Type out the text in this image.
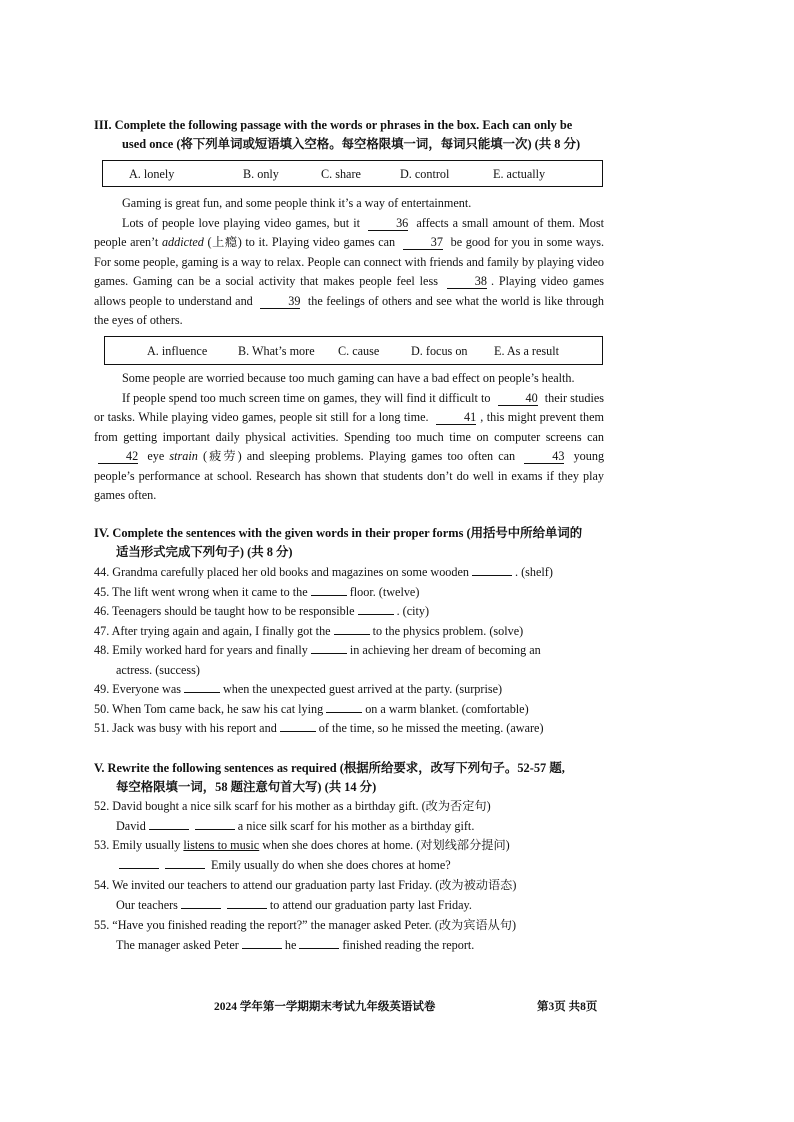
III. Complete the following passage with the words or phrases in the box. Each can only be
used once (将下列单词或短语填入空格。每空格限填一词，每词只能填一次) (共 8 分)
A. lonely	B. only	C. share	D. control	E. actually

Gaming is great fun, and some people think it’s a way of entertainment.

Lots of people love playing video games, but it	36 affects a small amount of them. Most people aren’t addicted (上瘾) to it. Playing video games can	37 be good for you in some ways. For some people, gaming is a way to relax. People can connect with friends and family by playing video games. Gaming can be a social activity that makes people feel less	38 . Playing video games allows people to understand and	39 the feelings of others and see what the world is like through the eyes of others.

A. influence	B. What’s more C. cause	D. focus on E. As a result

Some people are worried because too much gaming can have a bad effect on people’s health.

If people spend too much screen time on games, they will find it difficult to	40 their studies or tasks. While playing video games, people sit still for a long time.	41 , this might prevent them from getting important daily physical activities. Spending too much time on computer screens can 42 eye strain (疲劳) and sleeping problems. Playing games too often can	43 young people’s performance at school. Research has shown that students don’t do well in exams if they play games often.

IV. Complete the sentences with the given words in their proper forms (用括号中所给单词的
适当形式完成下列句子) (共 8 分)
44. Grandma carefully placed her old books and magazines on some wooden	. (shelf)
45. The lift went wrong when it came to the	floor. (twelve)
46. Teenagers should be taught how to be responsible	. (city)
47. After trying again and again, I finally got the	to the physics problem. (solve)
48. Emily worked hard for years and finally	in achieving her dream of becoming an
actress. (success)
49. Everyone was	when the unexpected guest arrived at the party. (surprise)
50. When Tom came back, he saw his cat lying	on a warm blanket. (comfortable)
51. Jack was busy with his report and	of the time, so he missed the meeting. (aware)
V. Rewrite the following sentences as required (根据所给要求，改写下列句子。52-57 题,
每空格限填一词，58 题注意句首大写) (共 14 分)
52. David bought a nice silk scarf for his mother as a birthday gift. (改为否定句)
David	a nice silk scarf for his mother as a birthday gift.
53. Emily usually listens to music when she does chores at home. (对划线部分提问)
Emily usually do when she does chores at home?
54. We invited our teachers to attend our graduation party last Friday. (改为被动语态)
Our teachers	to attend our graduation party last Friday.
55. “Have you finished reading the report?” the manager asked Peter. (改为宾语从句)
The manager asked Peter	he	finished reading the report.
2024 学年第一学期期末考试九年级英语试卷	第3页 共8页
